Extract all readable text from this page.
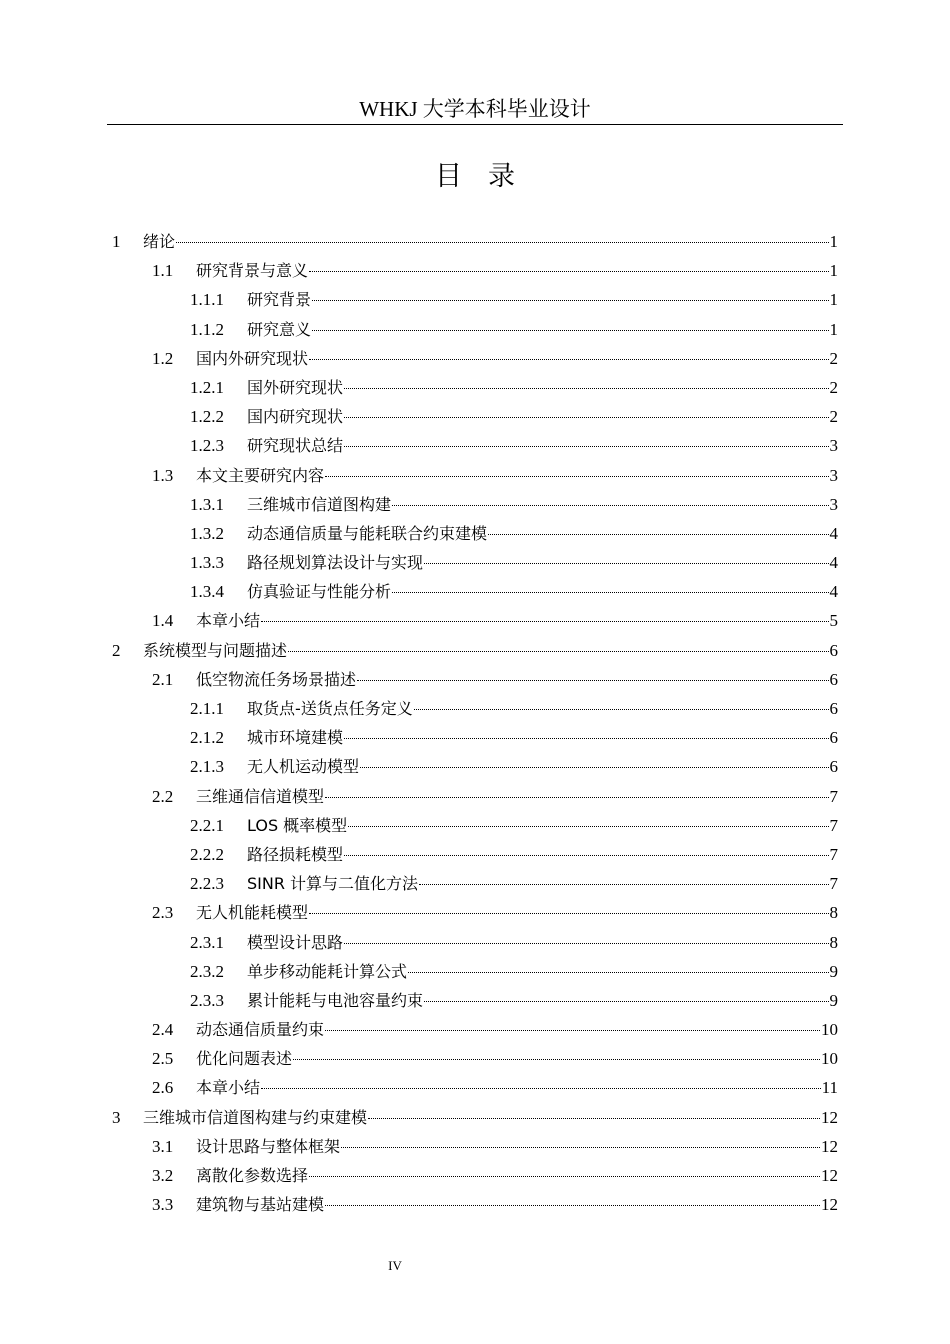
WHKJ 大学本科毕业设计
目录
1	绪论	1
1.1	研究背景与意义	1
1.1.1	研究背景	1
1.1.2	研究意义	1
1.2	国内外研究现状	2
1.2.1	国外研究现状	2
1.2.2	国内研究现状	2
1.2.3	研究现状总结	3
1.3	本文主要研究内容	3
1.3.1	三维城市信道图构建	3
1.3.2	动态通信质量与能耗联合约束建模	4
1.3.3	路径规划算法设计与实现	4
1.3.4	仿真验证与性能分析	4
1.4	本章小结	5
2	系统模型与问题描述	6
2.1	低空物流任务场景描述	6
2.1.1	取货点-送货点任务定义	6
2.1.2	城市环境建模	6
2.1.3	无人机运动模型	6
2.2	三维通信信道模型	7
2.2.1	LOS 概率模型	7
2.2.2	路径损耗模型	7
2.2.3	SINR 计算与二值化方法	7
2.3	无人机能耗模型	8
2.3.1	模型设计思路	8
2.3.2	单步移动能耗计算公式	9
2.3.3	累计能耗与电池容量约束	9
2.4	动态通信质量约束	10
2.5	优化问题表述	10
2.6	本章小结	11
3	三维城市信道图构建与约束建模	12
3.1	设计思路与整体框架	12
3.2	离散化参数选择	12
3.3	建筑物与基站建模	12
IV
